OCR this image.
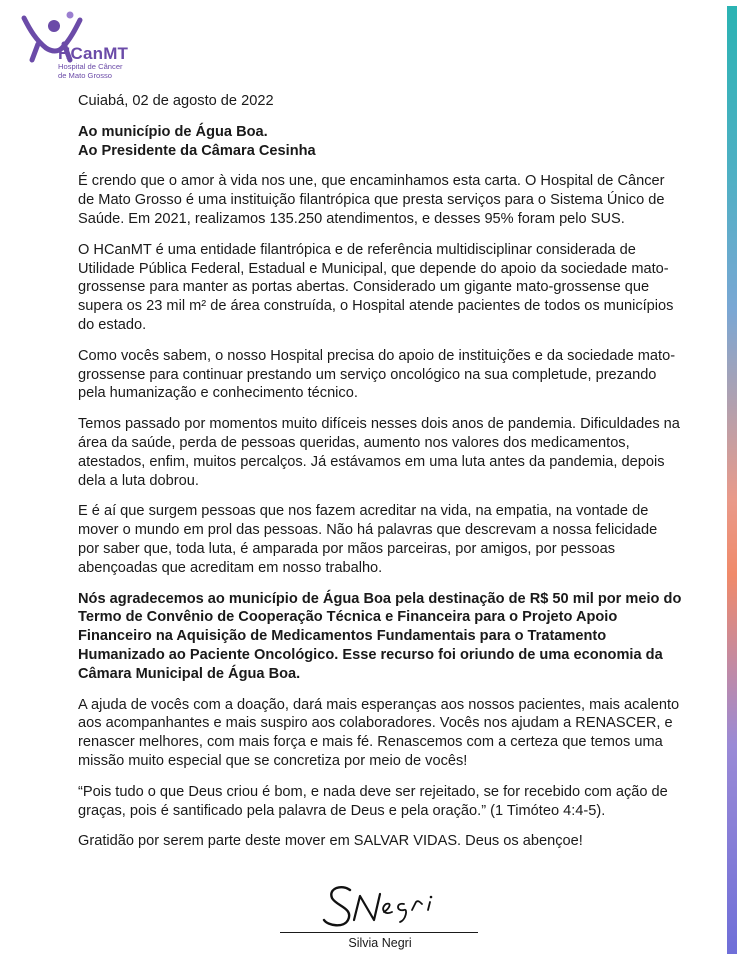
HCanMT
Hospital de Câncer
de Mato Grosso

Cuiabá, 02 de agosto de 2022

Ao município de Água Boa.
Ao Presidente da Câmara Cesinha

É crendo que o amor à vida nos une, que encaminhamos esta carta. O Hospital de Câncer de Mato Grosso é uma instituição filantrópica que presta serviços para o Sistema Único de Saúde. Em 2021, realizamos 135.250 atendimentos, e desses 95% foram pelo SUS.

O HCanMT é uma entidade filantrópica e de referência multidisciplinar considerada de Utilidade Pública Federal, Estadual e Municipal, que depende do apoio da sociedade mato-grossense para manter as portas abertas. Considerado um gigante mato-grossense que supera os 23 mil m² de área construída, o Hospital atende pacientes de todos os municípios do estado.

Como vocês sabem, o nosso Hospital precisa do apoio de instituições e da sociedade mato-grossense para continuar prestando um serviço oncológico na sua completude, prezando pela humanização e conhecimento técnico.

Temos passado por momentos muito difíceis nesses dois anos de pandemia. Dificuldades na área da saúde, perda de pessoas queridas, aumento nos valores dos medicamentos, atestados, enfim, muitos percalços. Já estávamos em uma luta antes da pandemia, depois dela a luta dobrou.

E é aí que surgem pessoas que nos fazem acreditar na vida, na empatia, na vontade de mover o mundo em prol das pessoas. Não há palavras que descrevam a nossa felicidade por saber que, toda luta, é amparada por mãos parceiras, por amigos, por pessoas abençoadas que acreditam em nosso trabalho.

Nós agradecemos ao município de Água Boa pela destinação de R$ 50 mil por meio do Termo de Convênio de Cooperação Técnica e Financeira para o Projeto Apoio Financeiro na Aquisição de Medicamentos Fundamentais para o Tratamento Humanizado ao Paciente Oncológico. Esse recurso foi oriundo de uma economia da Câmara Municipal de Água Boa.

A ajuda de vocês com a doação, dará mais esperanças aos nossos pacientes, mais acalento aos acompanhantes e mais suspiro aos colaboradores. Vocês nos ajudam a RENASCER, e renascer melhores, com mais força e mais fé. Renascemos com a certeza que temos uma missão muito especial que se concretiza por meio de vocês!

“Pois tudo o que Deus criou é bom, e nada deve ser rejeitado, se for recebido com ação de graças, pois é santificado pela palavra de Deus e pela oração.” (1 Timóteo 4:4-5).

Gratidão por serem parte deste mover em SALVAR VIDAS. Deus os abençoe!

Silvia Negri
